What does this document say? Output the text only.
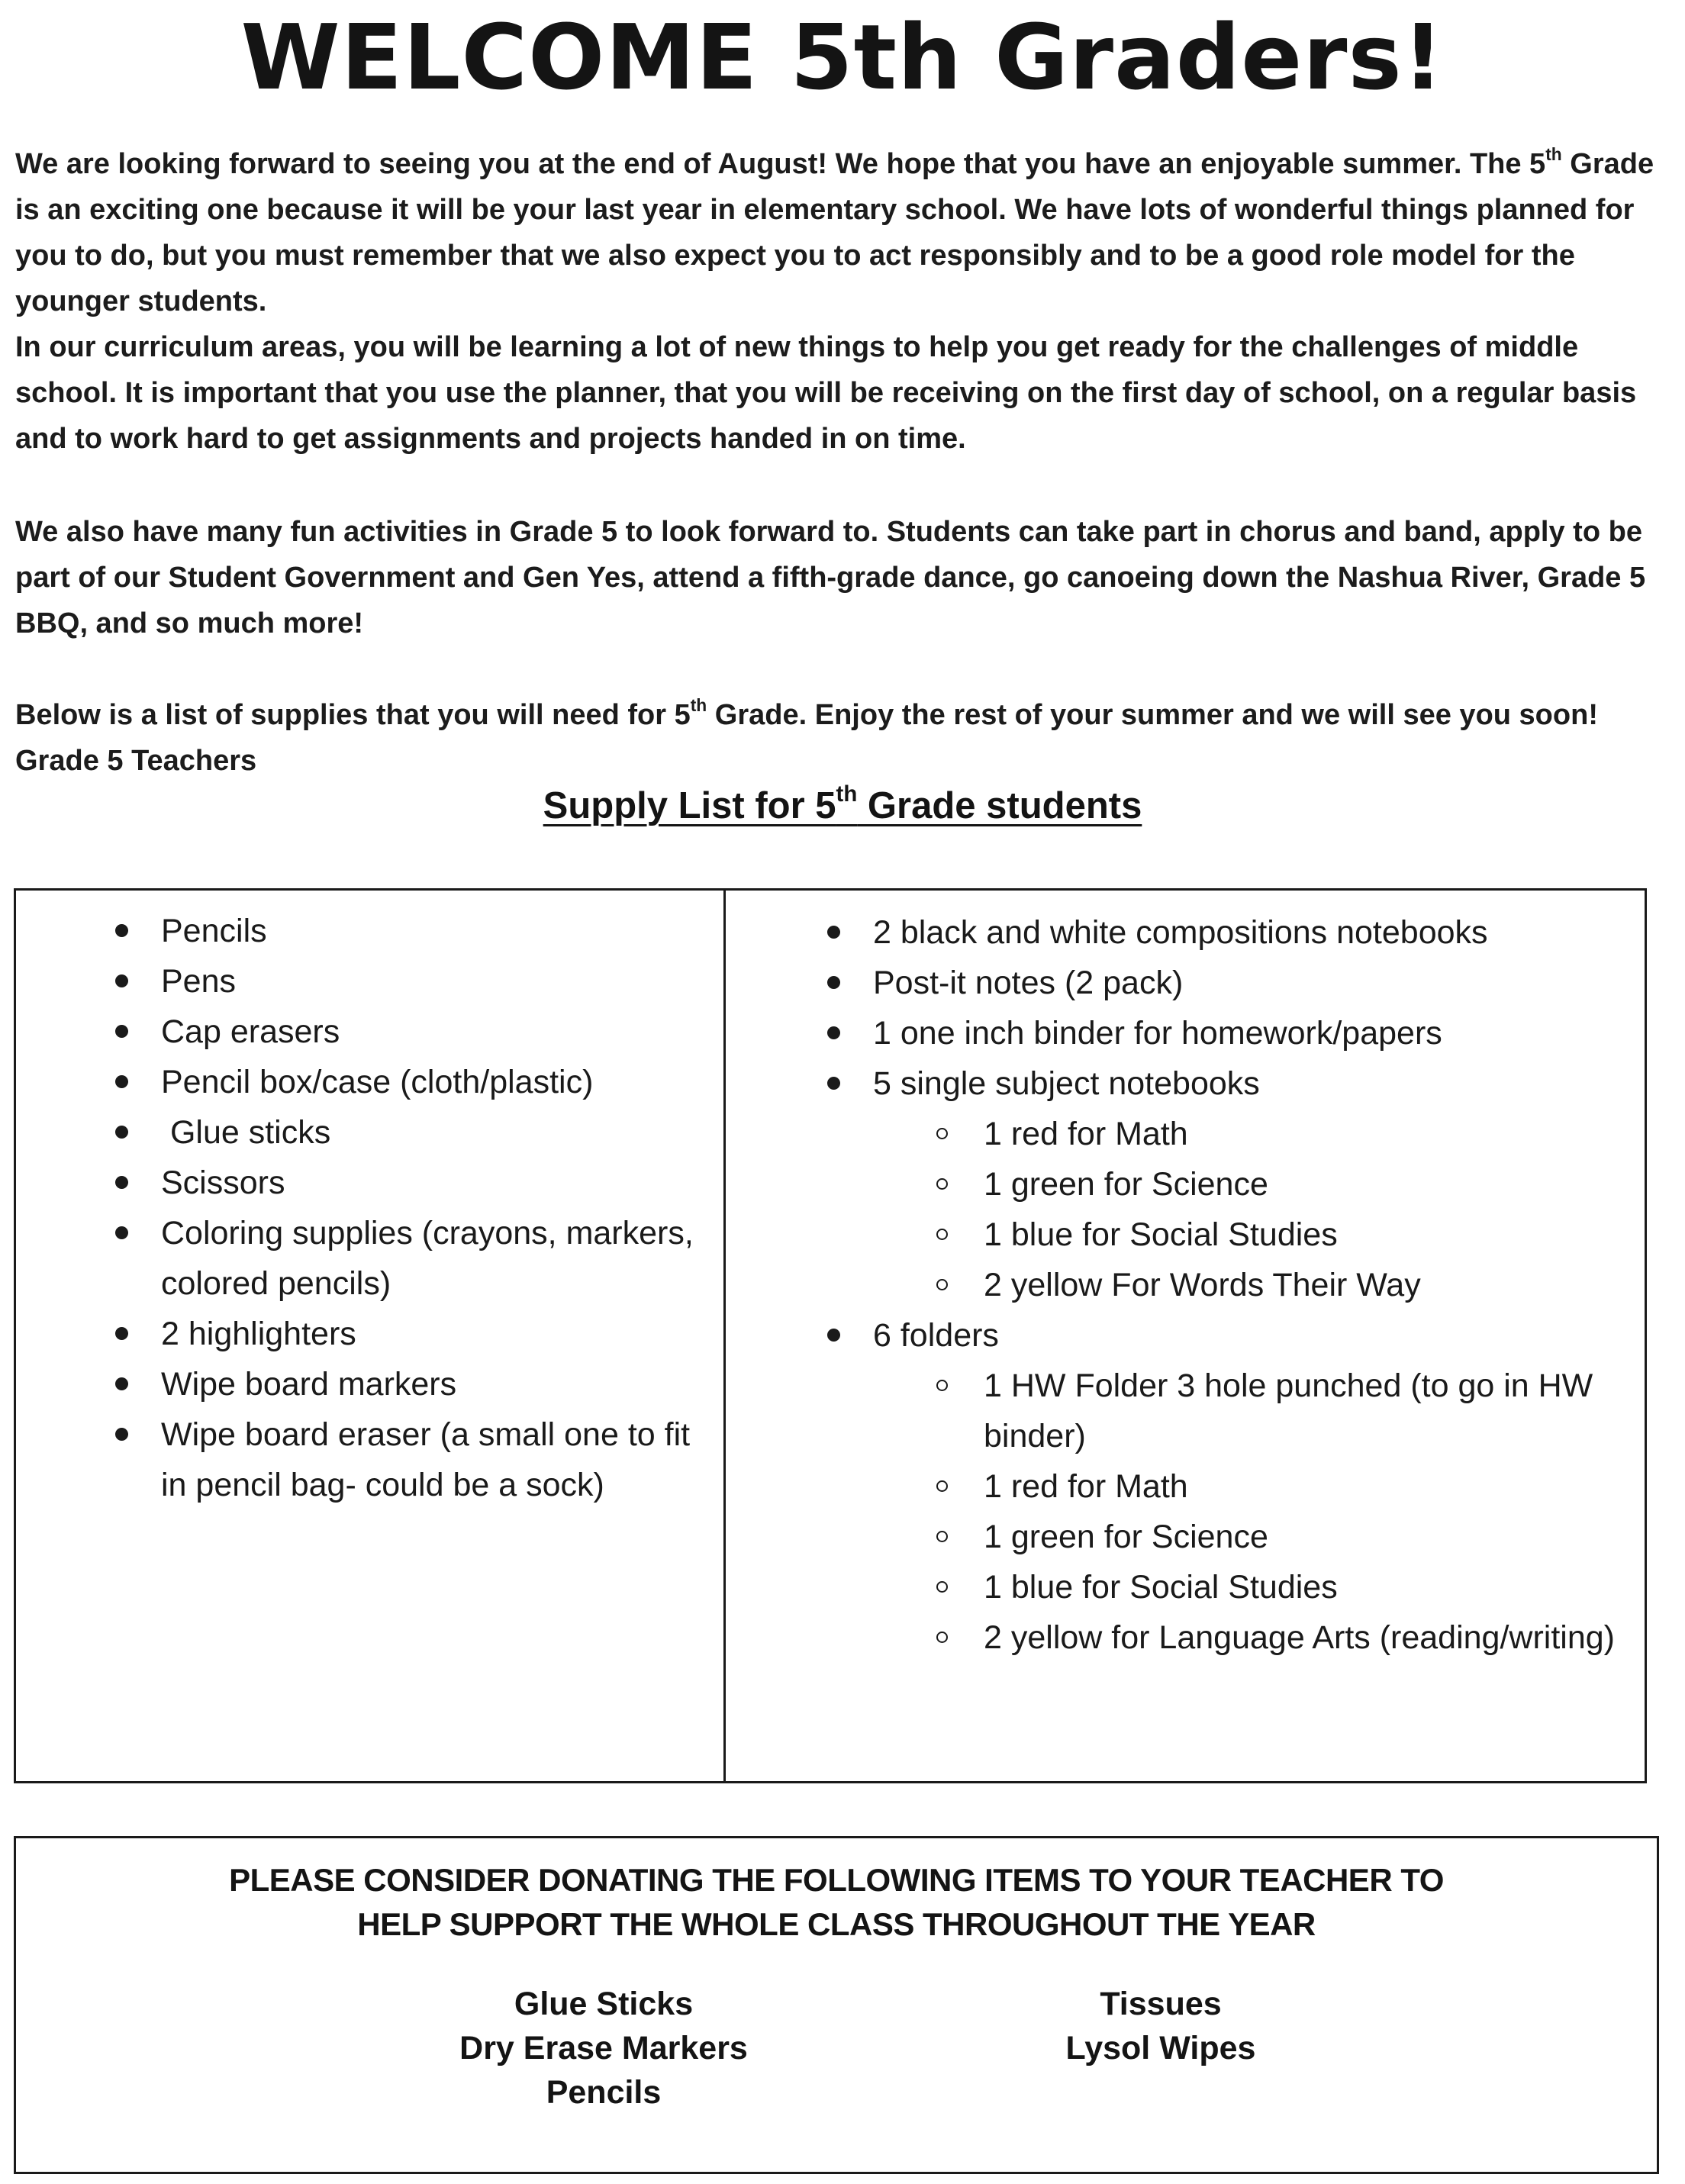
WELCOME 5th Graders!

We are looking forward to seeing you at the end of August! We hope that you have an enjoyable summer. The 5th Grade is an exciting one because it will be your last year in elementary school. We have lots of wonderful things planned for you to do, but you must remember that we also expect you to act responsibly and to be a good role model for the younger students.

In our curriculum areas, you will be learning a lot of new things to help you get ready for the challenges of middle school. It is important that you use the planner, that you will be receiving on the first day of school, on a regular basis and to work hard to get assignments and projects handed in on time.

We also have many fun activities in Grade 5 to look forward to. Students can take part in chorus and band, apply to be part of our Student Government and Gen Yes, attend a fifth-grade dance, go canoeing down the Nashua River, Grade 5 BBQ, and so much more!

Below is a list of supplies that you will need for 5th Grade. Enjoy the rest of your summer and we will see you soon!
Grade 5 Teachers

Supply List for 5th Grade students
Pencils
Pens
Cap erasers
Pencil box/case (cloth/plastic)
Glue sticks
Scissors
Coloring supplies (crayons, markers, colored pencils)
2 highlighters
Wipe board markers
Wipe board eraser (a small one to fit in pencil bag- could be a sock)
2 black and white compositions notebooks
Post-it notes (2 pack)
1 one inch binder for homework/papers
5 single subject notebooks
1 red for Math
1 green for Science
1 blue for Social Studies
2 yellow For Words Their Way
6 folders
1 HW Folder 3 hole punched (to go in HW binder)
1 red for Math
1 green for Science
1 blue for Social Studies
2 yellow for Language Arts (reading/writing)

PLEASE CONSIDER DONATING THE FOLLOWING ITEMS TO YOUR TEACHER TO
HELP SUPPORT THE WHOLE CLASS THROUGHOUT THE YEAR

Glue Sticks
Dry Erase Markers
Pencils
Tissues
Lysol Wipes
